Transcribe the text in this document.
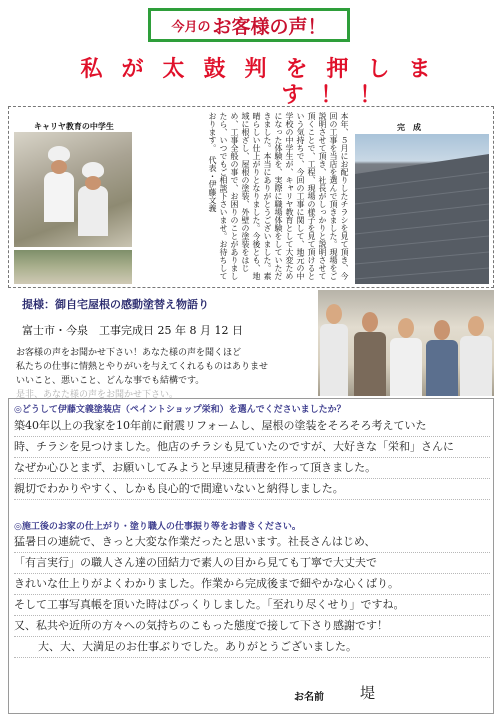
今月の お客様の声！
私が太鼓判を押しま
す！！
キャリヤ教育の中学生	本年、５月にお配りしたチラシを見て頂き、今回の工事を当店を選んで頂きました。現場をご説明させて頂き、社長がしっかりと説明させて頂くことで、工程、現場の様子を見て頂けるという気持ちで、今回の工事に関して、地元の中学校の中学生が、キャリヤ教育として大変ためになった体験を、実際に職場体験をしていただきました。本当にありがとうございました。素晴らしい仕上がりとなりました。今後とも、地域に根ざし、屋根の塗装、外壁の塗装をはじめ、工事全般の事で、お困りのことがありましたら、いつでもご相談下さいませ。お待ちしております。　代表・伊藤文義
完　成
提様：御自宅屋根の感動塗替え物語り
富士市・今泉　工事完成日 25 年 8 月 12 日
お客様の声をお聞かせ下さい！あなた様の声を聞くほど
私たちの仕事に情熱とやりがいを与えてくれるものはありませ
いいこと、悪いこと、どんな事でも結構です。
是非、あなた様の声をお聞かせ下さい。
◎どうして伊藤文義塗装店（ペイントショップ栄和）を選んでくださいましたか？
築40年以上の我家を10年前に耐震リフォームし、屋根の塗装をそろそろ考えていた
時、チラシを見つけました。他店のチラシも見ていたのですが、大好きな「栄和」さんに
なぜか心ひとまず、お願いしてみようと早速見積書を作って頂きました。
親切でわかりやすく、しかも良心的で間違いないと納得しました。
◎施工後のお家の仕上がり・塗り職人の仕事振り等をお書きください。
猛暑日の連続で、きっと大変な作業だったと思います。社長さんはじめ、
「有言実行」の職人さん達の団結力で素人の目から見ても丁寧で大丈夫で
きれいな仕上りがよくわかりました。作業から完成後まで細やかな心くばり。
そして工事写真帳を頂いた時はびっくりしました。「至れり尽くせり」ですね。
又、私共や近所の方々への気持ちのこもった態度で接して下さり感謝です！
大、大、大満足のお仕事ぶりでした。ありがとうございました。
お名前 堤
